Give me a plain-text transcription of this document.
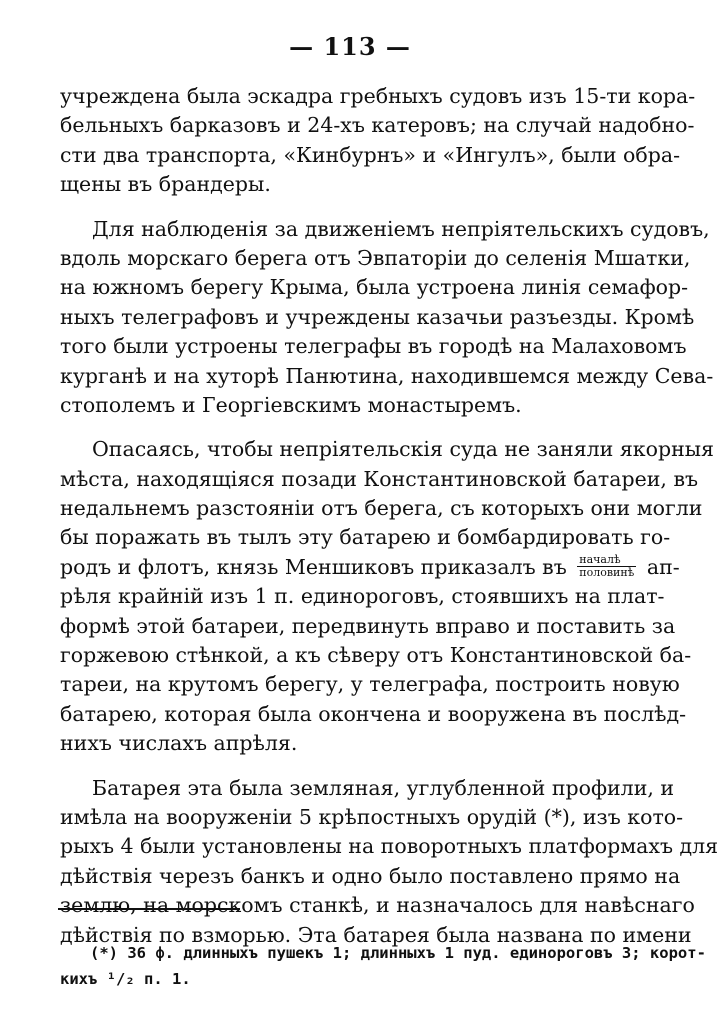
— 113 —
учреждена была эскадра гребныхъ судовъ изъ 15-ти кора-
бельныхъ барказовъ и 24-хъ катеровъ; на случай надобно-
сти два транспорта, «Кинбурнъ» и «Ингулъ», были обра-
щены въ брандеры.
Для наблюденія за движеніемъ непріятельскихъ судовъ,
вдоль морскаго берега отъ Эвпаторіи до селенія Мшатки,
на южномъ берегу Крыма, была устроена линія семафор-
ныхъ телеграфовъ и учреждены казачьи разъезды. Кромѣ
того были устроены телеграфы въ городѣ на Малаховомъ
курганѣ и на хуторѣ Панютина, находившемся между Сева-
стополемъ и Георгіевскимъ монастыремъ.
Опасаясь, чтобы непріятельскія суда не заняли якорныя
мѣста, находящіяся позади Константиновской батареи, въ
недальнемъ разстояніи отъ берега, съ которыхъ они могли
бы поражать въ тылъ эту батарею и бомбардировать го-
родъ и флотъ, князь Меншиковъ приказалъ въ $\frac{\text{началѣ}}{\text{половинѣ}} ап-$
рѣля крайній изъ 1 п. единороговъ, стоявшихъ на плат-
формѣ этой батареи, передвинуть вправо и поставить за
горжевою стѣнкой, а къ сѣверу отъ Константиновской ба-
тареи, на крутомъ берегу, у телеграфа, построить новую
батарею, которая была окончена и вооружена въ послѣд-
нихъ числахъ апрѣля.
Батарея эта была земляная, углубленной профили, и
имѣла на вооруженіи 5 крѣпостныхъ орудій (*), изъ кото-
рыхъ 4 были установлены на поворотныхъ платформахъ для
дѣйствія черезъ банкъ и одно было поставлено прямо на
землю, на морскомъ станкѣ, и назначалось для навѣснаго
дѣйствія по взморью. Эта батарея была названа по имени
(*) 36 ф. длинныхъ пушекъ 1; длинныхъ 1 пуд. единороговъ 3; корот-
кихъ ¹/₂ п. 1.
